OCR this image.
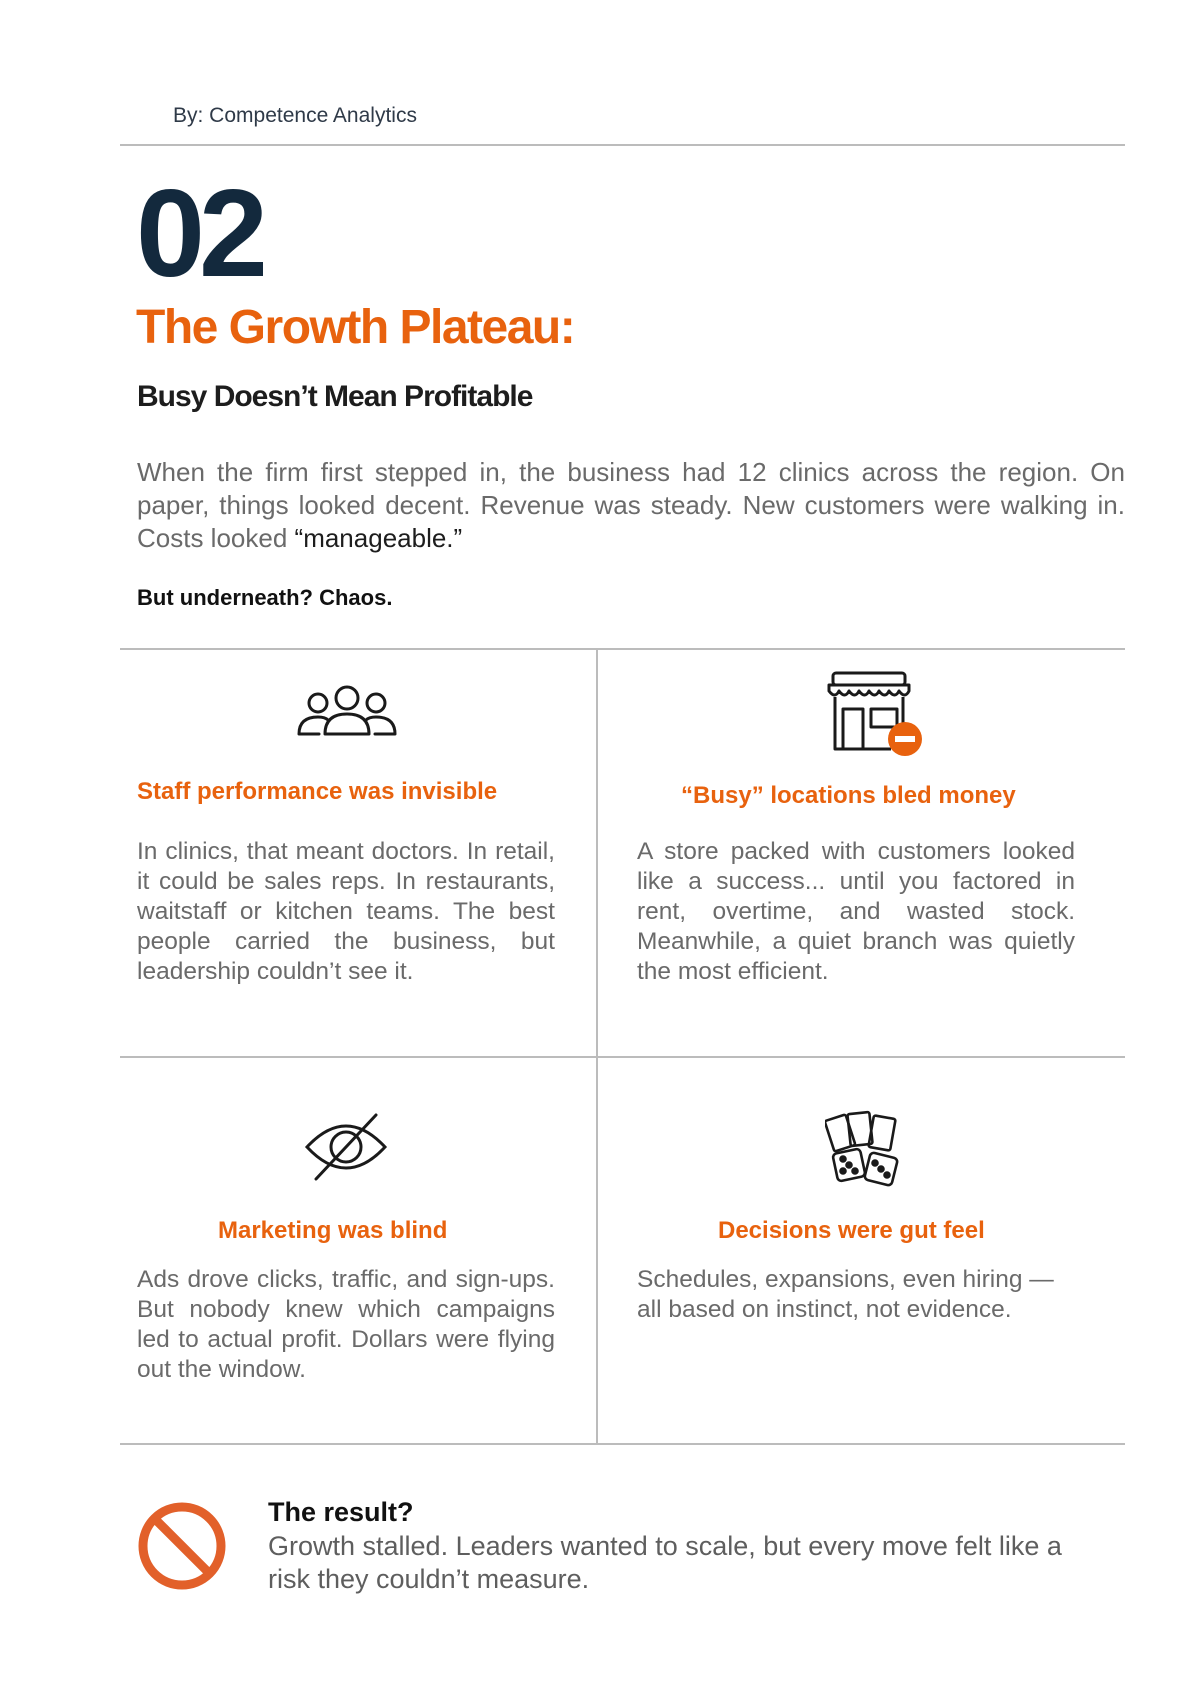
By: Competence Analytics
02
The Growth Plateau:
Busy Doesn’t Mean Profitable

When the firm first stepped in, the business had 12 clinics across the region. On paper, things looked decent. Revenue was steady. New customers were walking in. Costs looked “manageable.”

But underneath? Chaos.
Staff performance was invisible

In clinics, that meant doctors. In retail, it could be sales reps. In restaurants, waitstaff or kitchen teams. The best people carried the business, but leadership couldn’t see it.

“Busy” locations bled money

A store packed with customers looked like a success... until you factored in rent, overtime, and wasted stock. Meanwhile, a quiet branch was quietly the most efficient.

Marketing was blind

Ads drove clicks, traffic, and sign-ups. But nobody knew which campaigns led to actual profit. Dollars were flying out the window.

Decisions were gut feel

Schedules, expansions, even hiring — all based on instinct, not evidence.

The result?

Growth stalled. Leaders wanted to scale, but every move felt like a risk they couldn’t measure.
